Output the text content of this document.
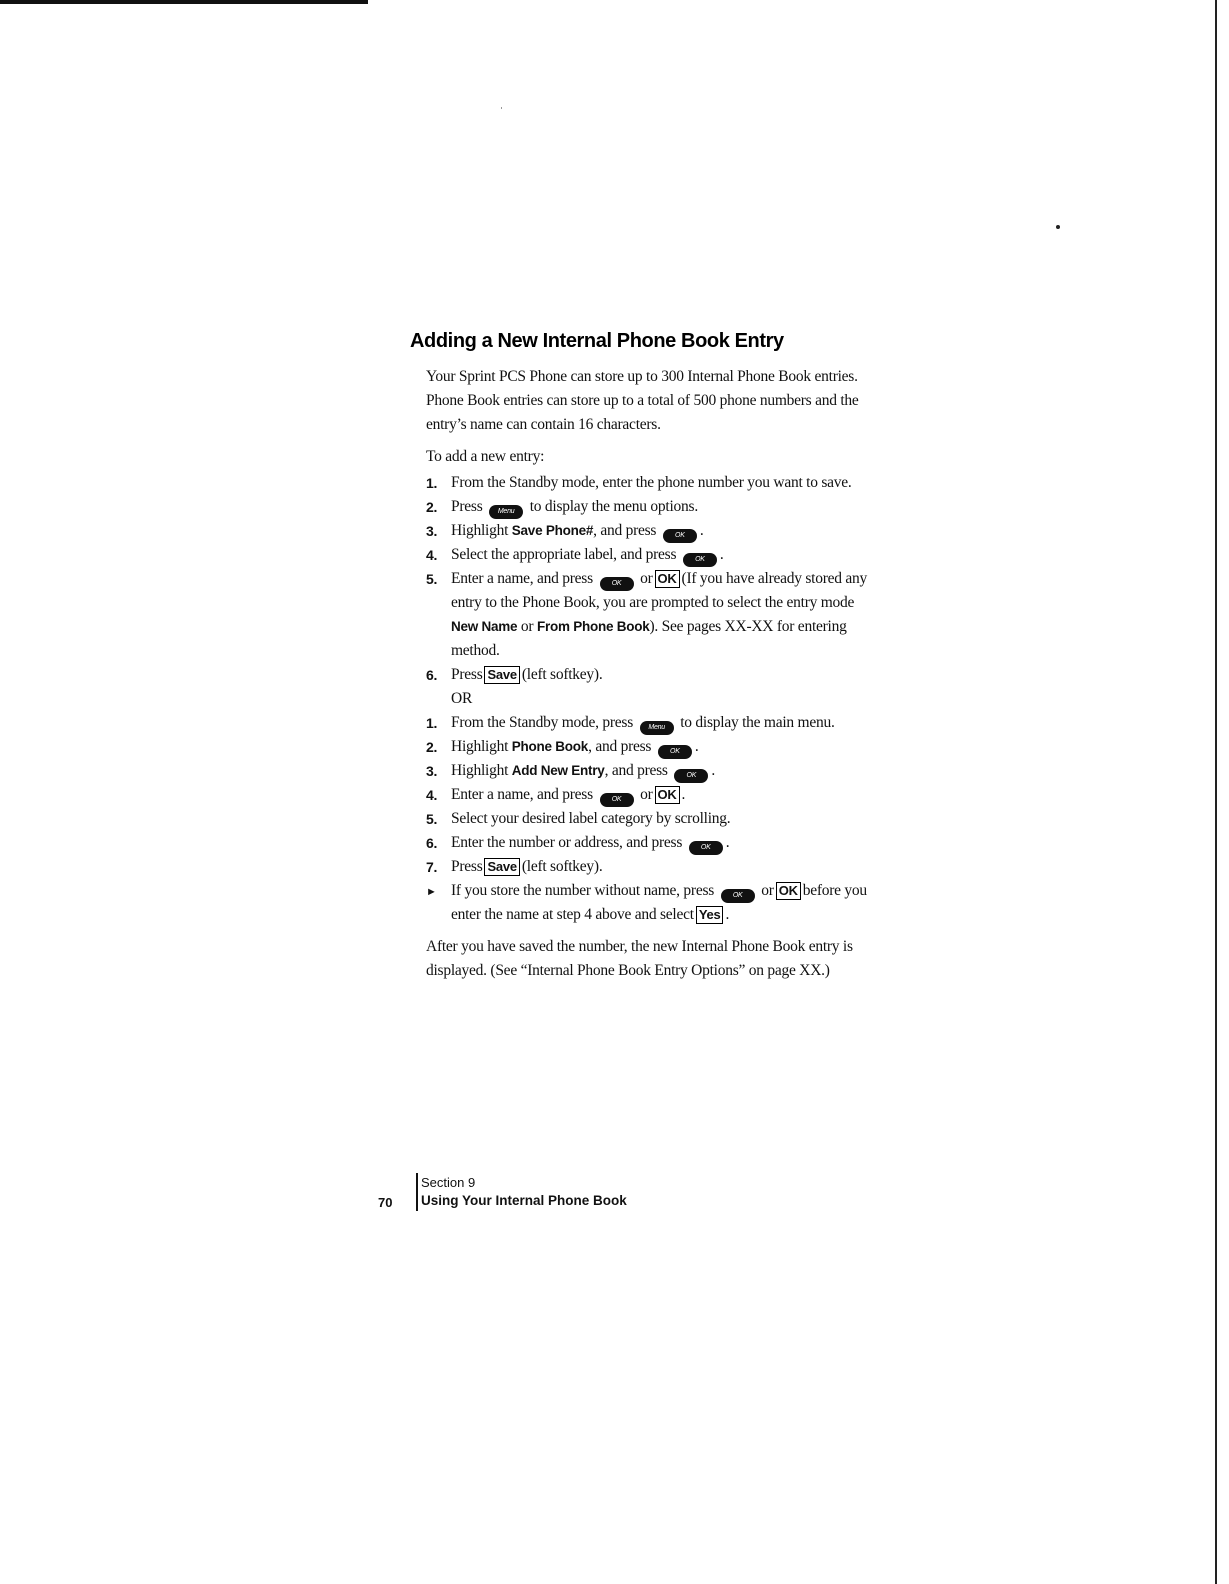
Adding a New Internal Phone Book Entry

Your Sprint PCS Phone can store up to 300 Internal Phone Book entries. Phone Book entries can store up to a total of 500 phone numbers and the entry’s name can contain 16 characters.

To add a new entry:

1. From the Standby mode, enter the phone number you want to save.
2. Press Menu to display the menu options.
3. Highlight Save Phone#, and press	OK .
4. Select the appropriate label, and press	OK .
5. Enter a name, and press	OK or OK (If you have already stored any entry to the Phone Book, you are prompted to select the entry mode New Name or From Phone Book). See pages XX-XX for entering method.
6. Press Save (left softkey).
OR
1. From the Standby mode, press Menu to display the main menu.
2. Highlight Phone Book, and press	OK .
3. Highlight Add New Entry, and press	OK .
4. Enter a name, and press	OK or OK .
5. Select your desired label category by scrolling.
6. Enter the number or address, and press	OK .
7. Press Save (left softkey).
► If you store the number without name, press	OK or OK before you enter the name at step 4 above and select Yes .

After you have saved the number, the new Internal Phone Book entry is displayed. (See “Internal Phone Book Entry Options” on page XX.)

70
Section 9
Using Your Internal Phone Book
